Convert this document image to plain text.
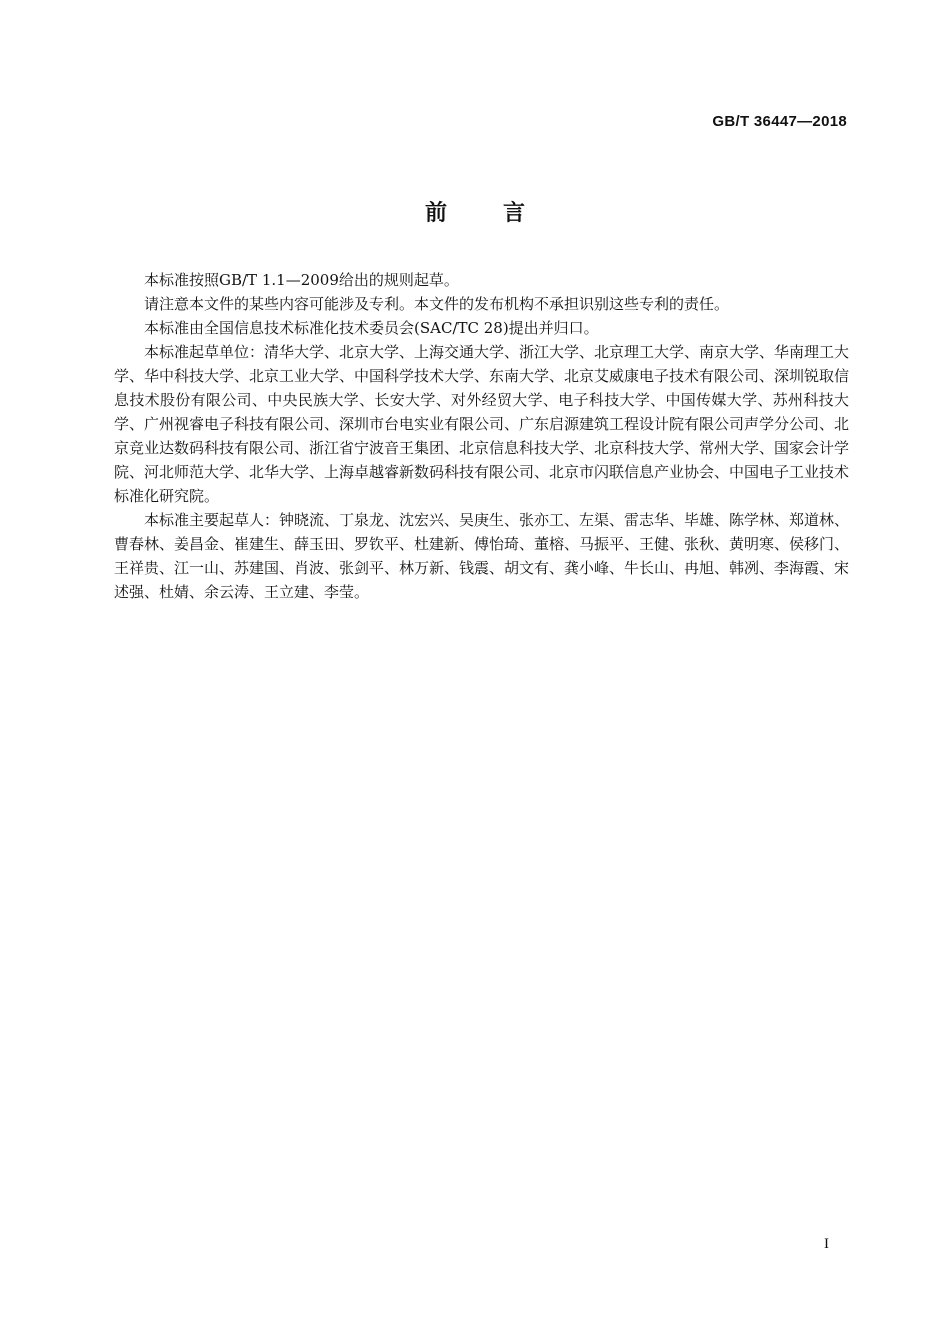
GB/T 36447—2018
前言

本标准按照GB/T 1.1—2009给出的规则起草。

请注意本文件的某些内容可能涉及专利。本文件的发布机构不承担识别这些专利的责任。

本标准由全国信息技术标准化技术委员会(SAC/TC 28)提出并归口。

本标准起草单位：清华大学、北京大学、上海交通大学、浙江大学、北京理工大学、南京大学、华南理工大学、华中科技大学、北京工业大学、中国科学技术大学、东南大学、北京艾威康电子技术有限公司、深圳锐取信息技术股份有限公司、中央民族大学、长安大学、对外经贸大学、电子科技大学、中国传媒大学、苏州科技大学、广州视睿电子科技有限公司、深圳市台电实业有限公司、广东启源建筑工程设计院有限公司声学分公司、北京竞业达数码科技有限公司、浙江省宁波音王集团、北京信息科技大学、北京科技大学、常州大学、国家会计学院、河北师范大学、北华大学、上海卓越睿新数码科技有限公司、北京市闪联信息产业协会、中国电子工业技术标准化研究院。

本标准主要起草人：钟晓流、丁泉龙、沈宏兴、吴庚生、张亦工、左渠、雷志华、毕雄、陈学林、郑道林、曹春林、姜昌金、崔建生、薛玉田、罗钦平、杜建新、傅怡琦、董榕、马振平、王健、张秋、黄明寒、侯移门、王祥贵、江一山、苏建国、肖波、张剑平、林万新、钱震、胡文有、龚小峰、牛长山、冉旭、韩冽、李海霞、宋述强、杜婧、余云涛、王立建、李莹。

I
